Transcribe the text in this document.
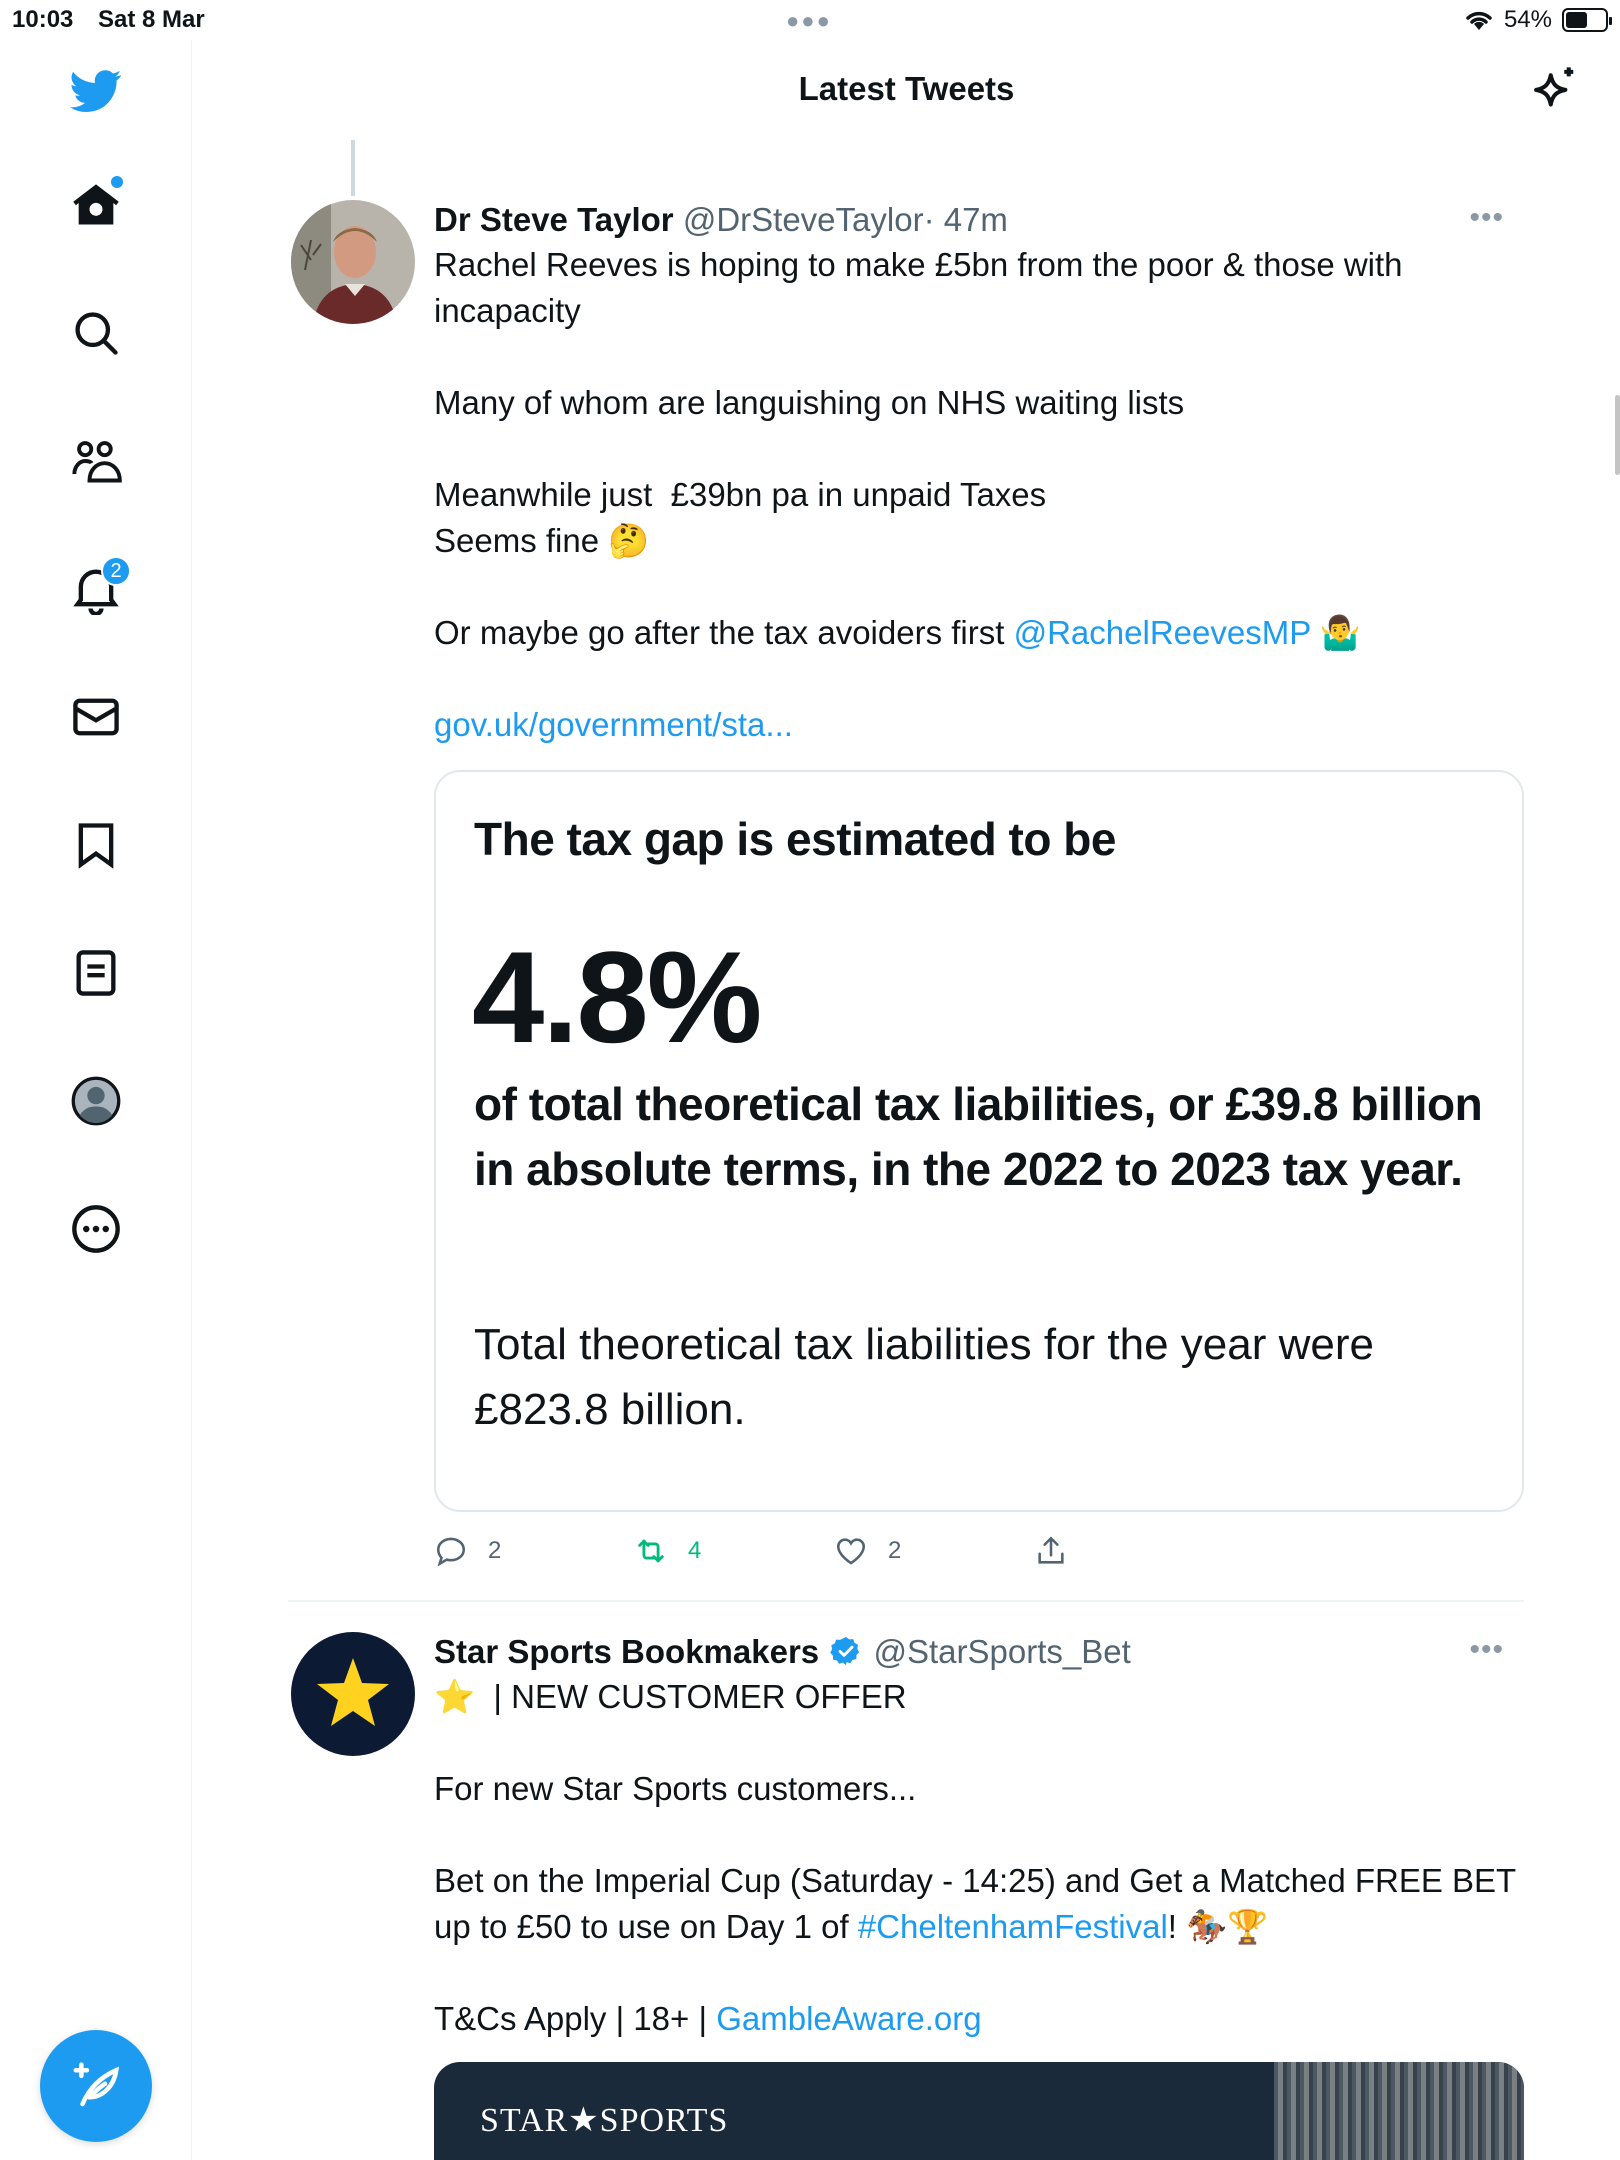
10:03 Sat 8 Mar	●●●	54%
2
Latest Tweets
Dr Steve Taylor @DrSteveTaylor· 47m	•••
Rachel Reeves is hoping to make £5bn from the poor & those with incapacity

Many of whom are languishing on NHS waiting lists

Meanwhile just  £39bn pa in unpaid Taxes
Seems fine 🤔

Or maybe go after the tax avoiders first @RachelReevesMP 🤷‍♂️

gov.uk/government/sta...
The tax gap is estimated to be
4.8%
of total theoretical tax liabilities, or £39.8 billion in absolute terms, in the 2022 to 2023 tax year.
Total theoretical tax liabilities for the year were £823.8 billion.
2	4	2
Star Sports Bookmakers @StarSports_Bet	•••
⭐️  | NEW CUSTOMER OFFER

For new Star Sports customers...

Bet on the Imperial Cup (Saturday - 14:25) and Get a Matched FREE BET up to £50 to use on Day 1 of #CheltenhamFestival! 🏇🏆

T&Cs Apply | 18+ | GambleAware.org
STAR★SPORTS
